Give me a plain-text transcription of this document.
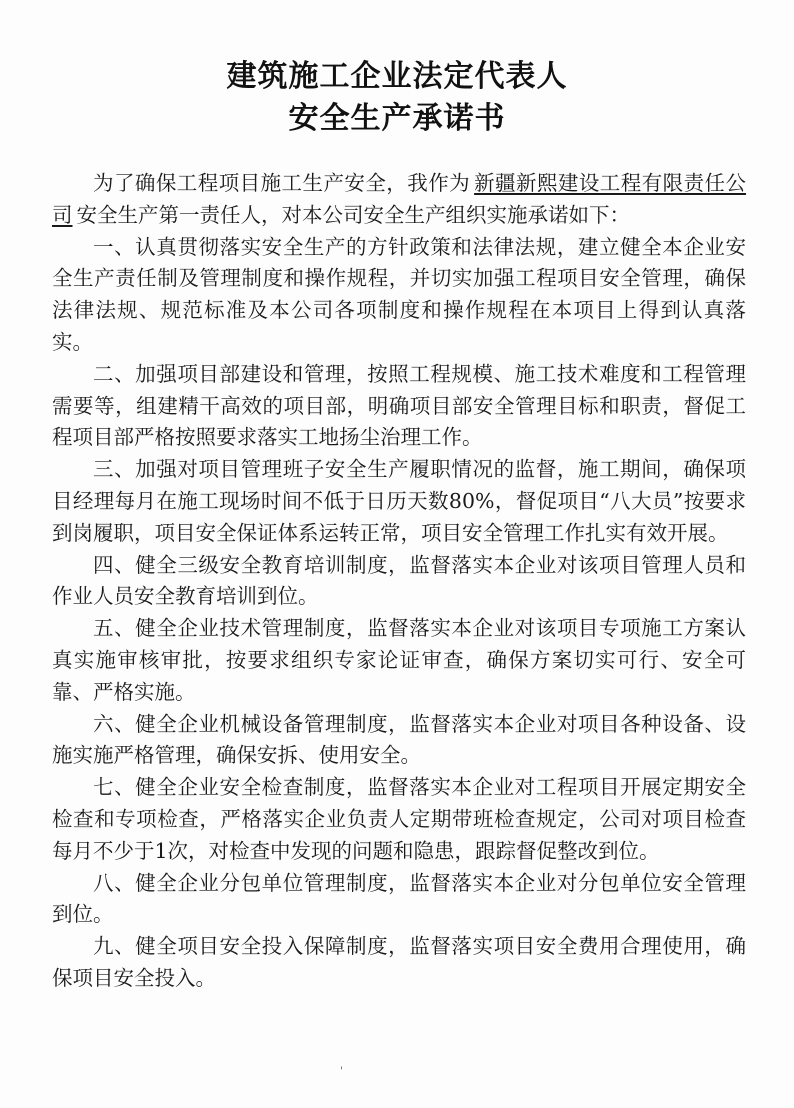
建筑施工企业法定代表人
安全生产承诺书

为了确保工程项目施工生产安全，我作为 新疆新熙建设工程有限责任公司 安全生产第一责任人，对本公司安全生产组织实施承诺如下：

一、认真贯彻落实安全生产的方针政策和法律法规，建立健全本企业安全生产责任制及管理制度和操作规程，并切实加强工程项目安全管理，确保法律法规、规范标准及本公司各项制度和操作规程在本项目上得到认真落实。

二、加强项目部建设和管理，按照工程规模、施工技术难度和工程管理需要等，组建精干高效的项目部，明确项目部安全管理目标和职责，督促工程项目部严格按照要求落实工地扬尘治理工作。

三、加强对项目管理班子安全生产履职情况的监督，施工期间，确保项目经理每月在施工现场时间不低于日历天数80%，督促项目“八大员”按要求到岗履职，项目安全保证体系运转正常，项目安全管理工作扎实有效开展。

四、健全三级安全教育培训制度，监督落实本企业对该项目管理人员和作业人员安全教育培训到位。

五、健全企业技术管理制度，监督落实本企业对该项目专项施工方案认真实施审核审批，按要求组织专家论证审查，确保方案切实可行、安全可靠、严格实施。

六、健全企业机械设备管理制度，监督落实本企业对项目各种设备、设施实施严格管理，确保安拆、使用安全。

七、健全企业安全检查制度，监督落实本企业对工程项目开展定期安全检查和专项检查，严格落实企业负责人定期带班检查规定，公司对项目检查每月不少于1次，对检查中发现的问题和隐患，跟踪督促整改到位。

八、健全企业分包单位管理制度，监督落实本企业对分包单位安全管理到位。

九、健全项目安全投入保障制度，监督落实项目安全费用合理使用，确保项目安全投入。

'
